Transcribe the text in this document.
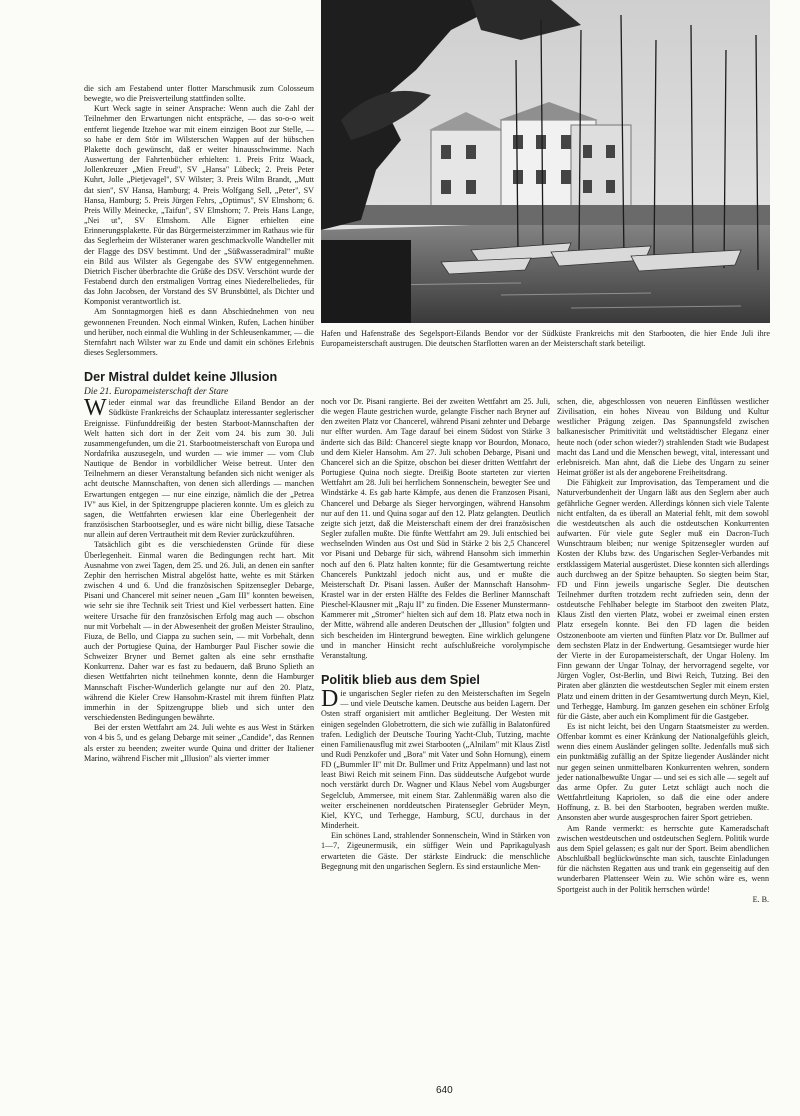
die sich am Festabend unter flotter Marschmusik zum Colosseum bewegte, wo die Preisverteilung stattfinden sollte.

Kurt Weck sagte in seiner Ansprache: Wenn auch die Zahl der Teilnehmer den Erwartungen nicht entspräche, — das so-o-o weit entfernt liegende Itzehoe war mit einem einzigen Boot zur Stelle, — so habe er dem Stör im Wilsterschen Wappen auf der hübschen Plakette doch gewünscht, daß er weiter hinausschwimme. Nach Auswertung der Fahrtenbücher erhielten: 1. Preis Fritz Waack, Jollenkreuzer „Mien Freud", SV „Hansa" Lübeck; 2. Preis Peter Kuhrt, Jolle „Pietjevagel", SV Wilster; 3. Preis Wilm Brandt, „Mutt dat sien", SV Hansa, Hamburg; 4. Preis Wolfgang Sell, „Peter", SV Hansa, Hamburg; 5. Preis Jürgen Fehrs, „Optimus", SV Elmshorn; 6. Preis Willy Meinecke, „Taifun", SV Elmshorn; 7. Preis Hans Lange, „Nei ut", SV Elmshorn. Alle Eigner erhielten eine Erinnerungsplakette. Für das Bürgermeisterzimmer im Rathaus wie für das Seglerheim der Wilsteraner waren geschmackvolle Wandteller mit der Flagge des DSV bestimmt. Und der „Süßwasseradmiral" mußte ein Bild aus Wilster als Gegengabe des SVW entgegennehmen. Dietrich Fischer überbrachte die Grüße des DSV. Verschönt wurde der Festabend durch den erstmaligen Vortrag eines Niederelbeliedes, für das John Jacobsen, der Vorstand des SV Brunsbüttel, als Dichter und Komponist verantwortlich ist.

Am Sonntagmorgen hieß es dann Abschiednehmen von neu gewonnenen Freunden. Noch einmal Winken, Rufen, Lachen hinüber und herüber, noch einmal die Wuhling in der Schleusenkammer, — die Sternfahrt nach Wilster war zu Ende und damit ein schönes Erlebnis dieses Seglersommers.

Der Mistral duldet keine Jllusion

Die 21. Europameisterschaft der Stare

Wieder einmal war das freundliche Eiland Bendor an der Südküste Frankreichs der Schauplatz interessanter seglerischer Ereignisse. Fünfunddreißig der besten Starboot-Mannschaften der Welt hatten sich dort in der Zeit vom 24. bis zum 30. Juli zusammengefunden, um die 21. Starbootmeisterschaft von Europa und Nordafrika auszusegeln, und wurden — wie immer — vom Club Nautique de Bendor in vorbildlicher Weise betreut. Unter den Teilnehmern an dieser Veranstaltung befanden sich nicht weniger als acht deutsche Mannschaften, von denen sich allerdings — manchen Erwartungen entgegen — nur eine einzige, nämlich die der „Petrea IV" aus Kiel, in der Spitzengruppe placieren konnte. Um es gleich zu sagen, die Wettfahrten erwiesen klar eine Überlegenheit der französischen Starbootsegler, und es wäre nicht billig, diese Tatsache nur allein auf deren Vertrautheit mit dem Revier zurückzuführen.

Tatsächlich gibt es die verschiedensten Gründe für diese Überlegenheit. Einmal waren die Bedingungen recht hart. Mit Ausnahme von zwei Tagen, dem 25. und 26. Juli, an denen ein sanfter Zephir den herrischen Mistral abgelöst hatte, wehte es mit Stärken zwischen 4 und 6. Und die französischen Spitzensegler Debarge, Pisani und Chancerel mit seiner neuen „Gam III" konnten beweisen, wie sehr sie ihre Technik seit Triest und Kiel verbessert hatten. Eine weitere Ursache für den französischen Erfolg mag auch — obschon nur mit Vorbehalt — in der Abwesenheit der großen Meister Straulino, Fiuza, de Bello, und Ciappa zu suchen sein, — mit Vorbehalt, denn auch der Portugiese Quina, der Hamburger Paul Fischer sowie die Schweizer Bryner und Bernet galten als eine sehr ernsthafte Konkurrenz. Daher war es fast zu bedauern, daß Bruno Splieth an diesen Wettfahrten nicht teilnehmen konnte, denn die Hamburger Mannschaft Fischer-Wunderlich gelangte nur auf den 20. Platz, während die Kieler Crew Hansohm-Krastel mit ihrem fünften Platz immerhin in der Spitzengruppe blieb und sich unter den verschiedensten Bedingungen bewährte.

Bei der ersten Wettfahrt am 24. Juli wehte es aus West in Stärken von 4 bis 5, und es gelang Debarge mit seiner „Candide", das Rennen als erster zu beenden; zweiter wurde Quina und dritter der Italiener Marino, während Fischer mit „Illusion" als vierter immer

Hafen und Hafenstraße des Segelsport-Eilands Bendor vor der Südküste Frankreichs mit den Starbooten, die hier Ende Juli ihre Europameisterschaft austrugen. Die deutschen Starflotten waren an der Meisterschaft stark beteiligt.

noch vor Dr. Pisani rangierte. Bei der zweiten Wettfahrt am 25. Juli, die wegen Flaute gestrichen wurde, gelangte Fischer nach Bryner auf den zweiten Platz vor Chancerel, während Pisani zehnter und Debarge nur elfter wurden. Am Tage darauf bei einem Südost von Stärke 3 änderte sich das Bild: Chancerel siegte knapp vor Bourdon, Monaco, und dem Kieler Hansohm. Am 27. Juli schoben Debarge, Pisani und Chancerel sich an die Spitze, obschon bei dieser dritten Wettfahrt der Portugiese Quina noch siegte. Dreißig Boote starteten zur vierten Wettfahrt am 28. Juli bei herrlichem Sonnenschein, bewegter See und Windstärke 4. Es gab harte Kämpfe, aus denen die Franzosen Pisani, Chancerel und Debarge als Sieger hervorgingen, während Hansohm nur auf den 11. und Quina sogar auf den 12. Platz gelangten. Deutlich zeigte sich jetzt, daß die Meisterschaft einem der drei französischen Segler zufallen mußte. Die fünfte Wettfahrt am 29. Juli entschied bei wechselnden Winden aus Ost und Süd in Stärke 2 bis 2,5 Chancerel vor Pisani und Debarge für sich, während Hansohm sich immerhin noch auf den 6. Platz halten konnte; für die Gesamtwertung reichte Chancerels Punktzahl jedoch nicht aus, und er mußte die Meisterschaft Dr. Pisani lassen. Außer der Mannschaft Hansohm-Krastel war in der ersten Hälfte des Feldes die Berliner Mannschaft Pieschel-Klausner mit „Raju II" zu finden. Die Essener Munstermann-Kammerer mit „Stromer" hielten sich auf dem 18. Platz etwa noch in der Mitte, während alle anderen Deutschen der „Illusion" folgten und sich bescheiden im Hintergrund bewegten. Eine wirklich gelungene und in mancher Hinsicht recht aufschlußreiche vorolympische Veranstaltung.

Politik blieb aus dem Spiel

Die ungarischen Segler riefen zu den Meisterschaften im Segeln — und viele Deutsche kamen. Deutsche aus beiden Lagern. Der Osten straff organisiert mit amtlicher Begleitung. Der Westen mit einigen segelnden Globetrottern, die sich wie zufällig in Balatonfüred trafen. Lediglich der Deutsche Touring Yacht-Club, Tutzing, machte einen Familienausflug mit zwei Starbooten („Alnilam" mit Klaus Zistl und Rudi Penzkofer und „Bora" mit Vater und Sohn Hornung), einem FD („Bummler II" mit Dr. Bullmer und Fritz Appelmann) und last not least Biwi Reich mit seinem Finn. Das süddeutsche Aufgebot wurde noch verstärkt durch Dr. Wagner und Klaus Nebel vom Augsburger Segelclub, Ammersee, mit einem Star. Zahlenmäßig waren also die weiter erscheinenen norddeutschen Piratensegler Gebrüder Meyn, Kiel, KYC, und Terhegge, Hamburg, SCU, durchaus in der Minderheit.

Ein schönes Land, strahlender Sonnenschein, Wind in Stärken von 1—7, Zigeunermusik, ein süffiger Wein und Paprikagulyash erwarteten die Gäste. Der stärkste Eindruck: die menschliche Begegnung mit den ungarischen Seglern. Es sind erstaunliche Men-

schen, die, abgeschlossen von neueren Einflüssen westlicher Zivilisation, ein hohes Niveau von Bildung und Kultur westlicher Prägung zeigen. Das Spannungsfeld zwischen balkanesischer Primitivität und weltstädtischer Eleganz einer heute noch (oder schon wieder?) strahlenden Stadt wie Budapest macht das Land und die Menschen bewegt, vital, interessant und erlebnisreich. Man ahnt, daß die Liebe des Ungarn zu seiner Heimat größer ist als der angeborene Freiheitsdrang.

Die Fähigkeit zur Improvisation, das Temperament und die Naturverbundenheit der Ungarn läßt aus den Seglern aber auch gefährliche Gegner werden. Allerdings können sich viele Talente nicht entfalten, da es überall an Material fehlt, mit dem sowohl die westdeutschen als auch die ostdeutschen Konkurrenten aufwarten. Für viele gute Segler muß ein Dacron-Tuch Wunschtraum bleiben; nur wenige Spitzensegler wurden auf Kosten der Klubs bzw. des Ungarischen Segler-Verbandes mit erstklassigem Material ausgerüstet. Diese konnten sich allerdings auch durchweg an der Spitze behaupten. So siegten beim Star, FD und Finn jeweils ungarische Segler. Die deutschen Teilnehmer durften trotzdem recht zufrieden sein, denn der ostdeutsche Fehlhaber belegte im Starboot den zweiten Platz, Klaus Zistl den vierten Platz, wobei er zweimal einen ersten Platz ersegeln konnte. Bei den FD lagen die beiden Ostzonenboote am vierten und fünften Platz vor Dr. Bullmer auf dem sechsten Platz in der Endwertung. Gesamtsieger wurde hier der Vierte in der Europameisterschaft, der Ungar Holeny. Im Finn gewann der Ungar Tolnay, der hervorragend segelte, vor Jürgen Vogler, Ost-Berlin, und Biwi Reich, Tutzing. Bei den Piraten aber glänzten die westdeutschen Segler mit einem ersten Platz und einem dritten in der Gesamtwertung durch Meyn, Kiel, und Terhegge, Hamburg. Im ganzen gesehen ein schöner Erfolg für die Gäste, aber auch ein Kompliment für die Gastgeber.

Es ist nicht leicht, bei den Ungarn Staatsmeister zu werden. Offenbar kommt es einer Kränkung der Nationalgefühls gleich, wenn dies einem Ausländer gelingen sollte. Jedenfalls muß sich ein punktmäßig zufällig an der Spitze liegender Ausländer nicht nur gegen seinen unmittelbaren Konkurrenten wehren, sondern jeder nationalbewußte Ungar — und sei es sich alle — segelt auf das arme Opfer. Zu guter Letzt schlägt auch noch die Wettfahrtleitung Kapriolen, so daß die eine oder andere Hoffnung, z. B. bei den Starbooten, begraben werden mußte. Ansonsten aber wurde ausgesprochen fairer Sport getrieben.

Am Rande vermerkt: es herrschte gute Kameradschaft zwischen westdeutschen und ostdeutschen Seglern. Politik wurde aus dem Spiel gelassen; es galt nur der Sport. Beim abendlichen Abschlußball beglückwünschte man sich, tauschte Einladungen für die nächsten Regatten aus und trank ein gegenseitig auf den wunderbaren Plattenseer Wein zu. Wie schön wäre es, wenn Sportgeist auch in der Politik herrschen würde!

E. B.

640
